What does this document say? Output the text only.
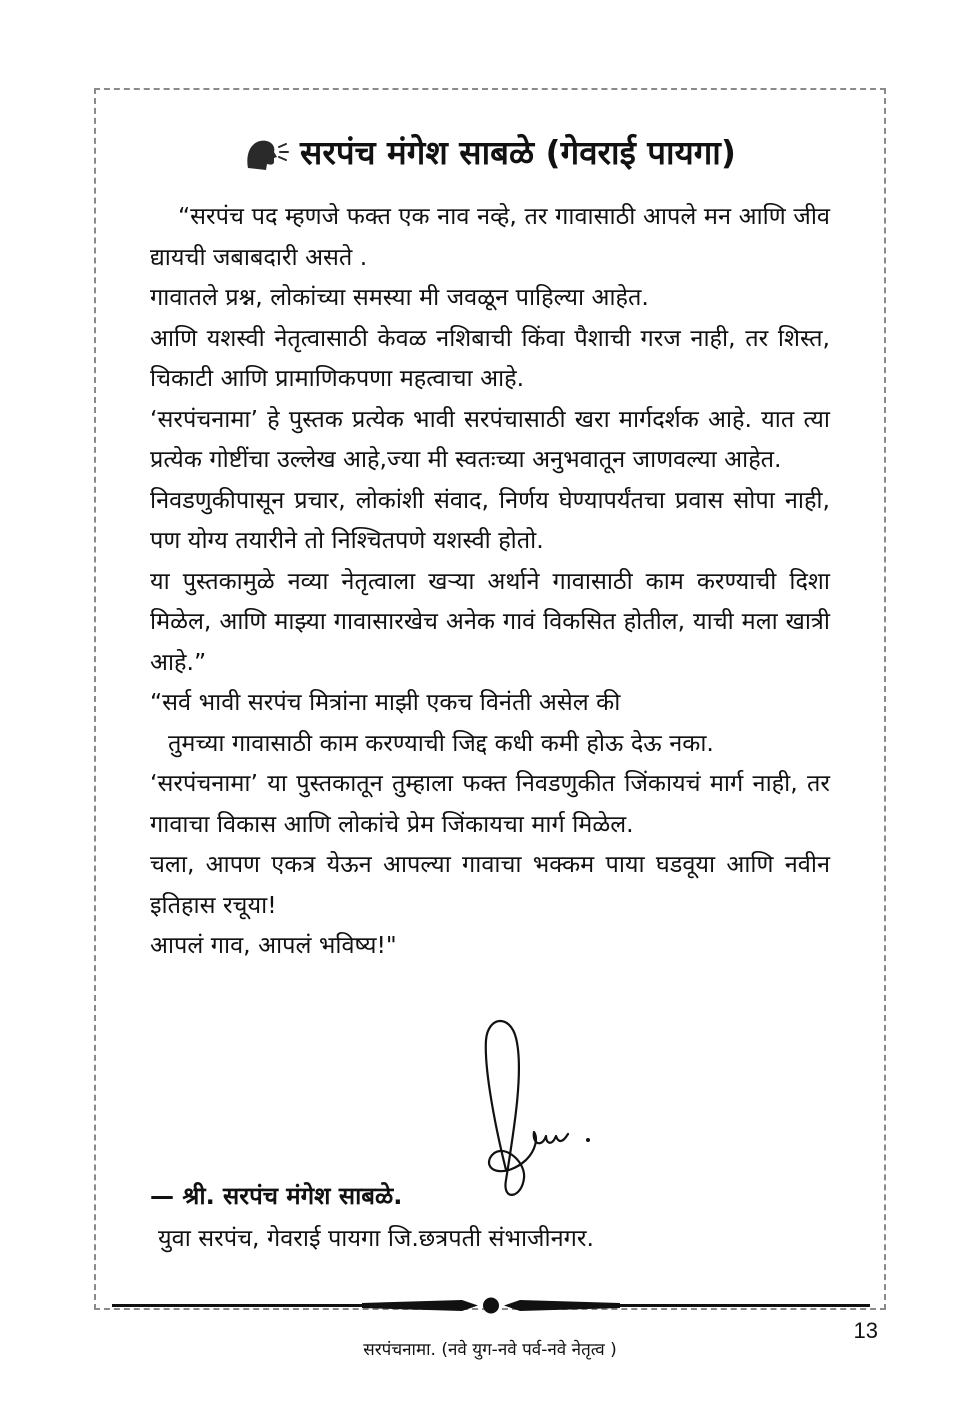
सरपंच मंगेश साबळे (गेवराई पायगा)

“सरपंच पद म्हणजे फक्त एक नाव नव्हे, तर गावासाठी आपले मन आणि जीव द्यायची जबाबदारी असते .

गावातले प्रश्न, लोकांच्या समस्या मी जवळून पाहिल्या आहेत.

आणि यशस्वी नेतृत्वासाठी केवळ नशिबाची किंवा पैशाची गरज नाही, तर शिस्त, चिकाटी आणि प्रामाणिकपणा महत्वाचा आहे.

‘सरपंचनामा’ हे पुस्तक प्रत्येक भावी सरपंचासाठी खरा मार्गदर्शक आहे. यात त्या प्रत्येक गोष्टींचा उल्लेख आहे,ज्या मी स्वतःच्या अनुभवातून जाणवल्या आहेत.

निवडणुकीपासून प्रचार, लोकांशी संवाद, निर्णय घेण्यापर्यंतचा प्रवास सोपा नाही, पण योग्य तयारीने तो निश्चितपणे यशस्वी होतो.

या पुस्तकामुळे नव्या नेतृत्वाला खऱ्या अर्थाने गावासाठी काम करण्याची दिशा मिळेल, आणि माझ्या गावासारखेच अनेक गावं विकसित होतील, याची मला खात्री आहे.”

“सर्व भावी सरपंच मित्रांना माझी एकच विनंती असेल की

तुमच्या गावासाठी काम करण्याची जिद्द कधी कमी होऊ देऊ नका.

‘सरपंचनामा’ या पुस्तकातून तुम्हाला फक्त निवडणुकीत जिंकायचं मार्ग नाही, तर गावाचा विकास आणि लोकांचे प्रेम जिंकायचा मार्ग मिळेल.

चला, आपण एकत्र येऊन आपल्या गावाचा भक्कम पाया घडवूया आणि नवीन इतिहास रचूया!

आपलं गाव, आपलं भविष्य!"

— श्री. सरपंच मंगेश साबळे.
युवा सरपंच, गेवराई पायगा जि.छत्रपती संभाजीनगर.
13
सरपंचनामा. (नवे युग-नवे पर्व-नवे नेतृत्व )
